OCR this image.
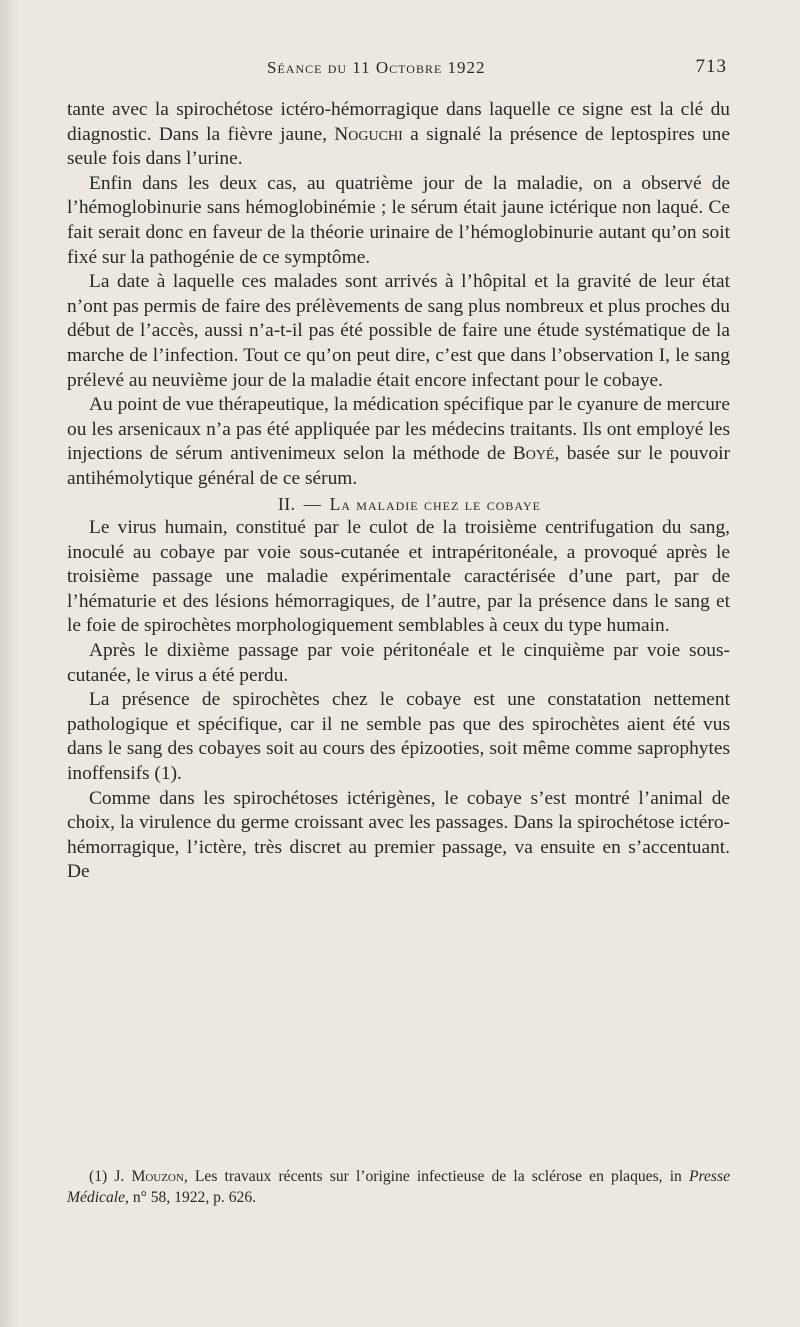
Séance du 11 Octobre 1922	713

tante avec la spirochétose ictéro-hémorragique dans laquelle ce signe est la clé du diagnostic. Dans la fièvre jaune, Noguchi a signalé la présence de leptospires une seule fois dans l’urine.

Enfin dans les deux cas, au quatrième jour de la maladie, on a observé de l’hémoglobinurie sans hémoglobinémie ; le sérum était jaune ictérique non laqué. Ce fait serait donc en faveur de la théorie urinaire de l’hémoglobinurie autant qu’on soit fixé sur la pathogénie de ce symptôme.

La date à laquelle ces malades sont arrivés à l’hôpital et la gravité de leur état n’ont pas permis de faire des prélèvements de sang plus nombreux et plus proches du début de l’accès, aussi n’a-t-il pas été possible de faire une étude systématique de la marche de l’infection. Tout ce qu’on peut dire, c’est que dans l’observation I, le sang prélevé au neuvième jour de la maladie était encore infectant pour le cobaye.

Au point de vue thérapeutique, la médication spécifique par le cyanure de mercure ou les arsenicaux n’a pas été appliquée par les médecins traitants. Ils ont employé les injections de sérum antivenimeux selon la méthode de Boyé, basée sur le pouvoir antihémolytique général de ce sérum.

II. — La maladie chez le cobaye

Le virus humain, constitué par le culot de la troisième centrifugation du sang, inoculé au cobaye par voie sous-cutanée et intrapéritonéale, a provoqué après le troisième passage une maladie expérimentale caractérisée d’une part, par de l’hématurie et des lésions hémorragiques, de l’autre, par la présence dans le sang et le foie de spirochètes morphologiquement semblables à ceux du type humain.

Après le dixième passage par voie péritonéale et le cinquième par voie sous-cutanée, le virus a été perdu.

La présence de spirochètes chez le cobaye est une constatation nettement pathologique et spécifique, car il ne semble pas que des spirochètes aient été vus dans le sang des cobayes soit au cours des épizooties, soit même comme saprophytes inoffensifs (1).

Comme dans les spirochétoses ictérigènes, le cobaye s’est montré l’animal de choix, la virulence du germe croissant avec les passages. Dans la spirochétose ictéro-hémorragique, l’ictère, très discret au premier passage, va ensuite en s’accentuant. De

(1) J. Mouzon, Les travaux récents sur l’origine infectieuse de la sclérose en plaques, in Presse Médicale, n° 58, 1922, p. 626.
